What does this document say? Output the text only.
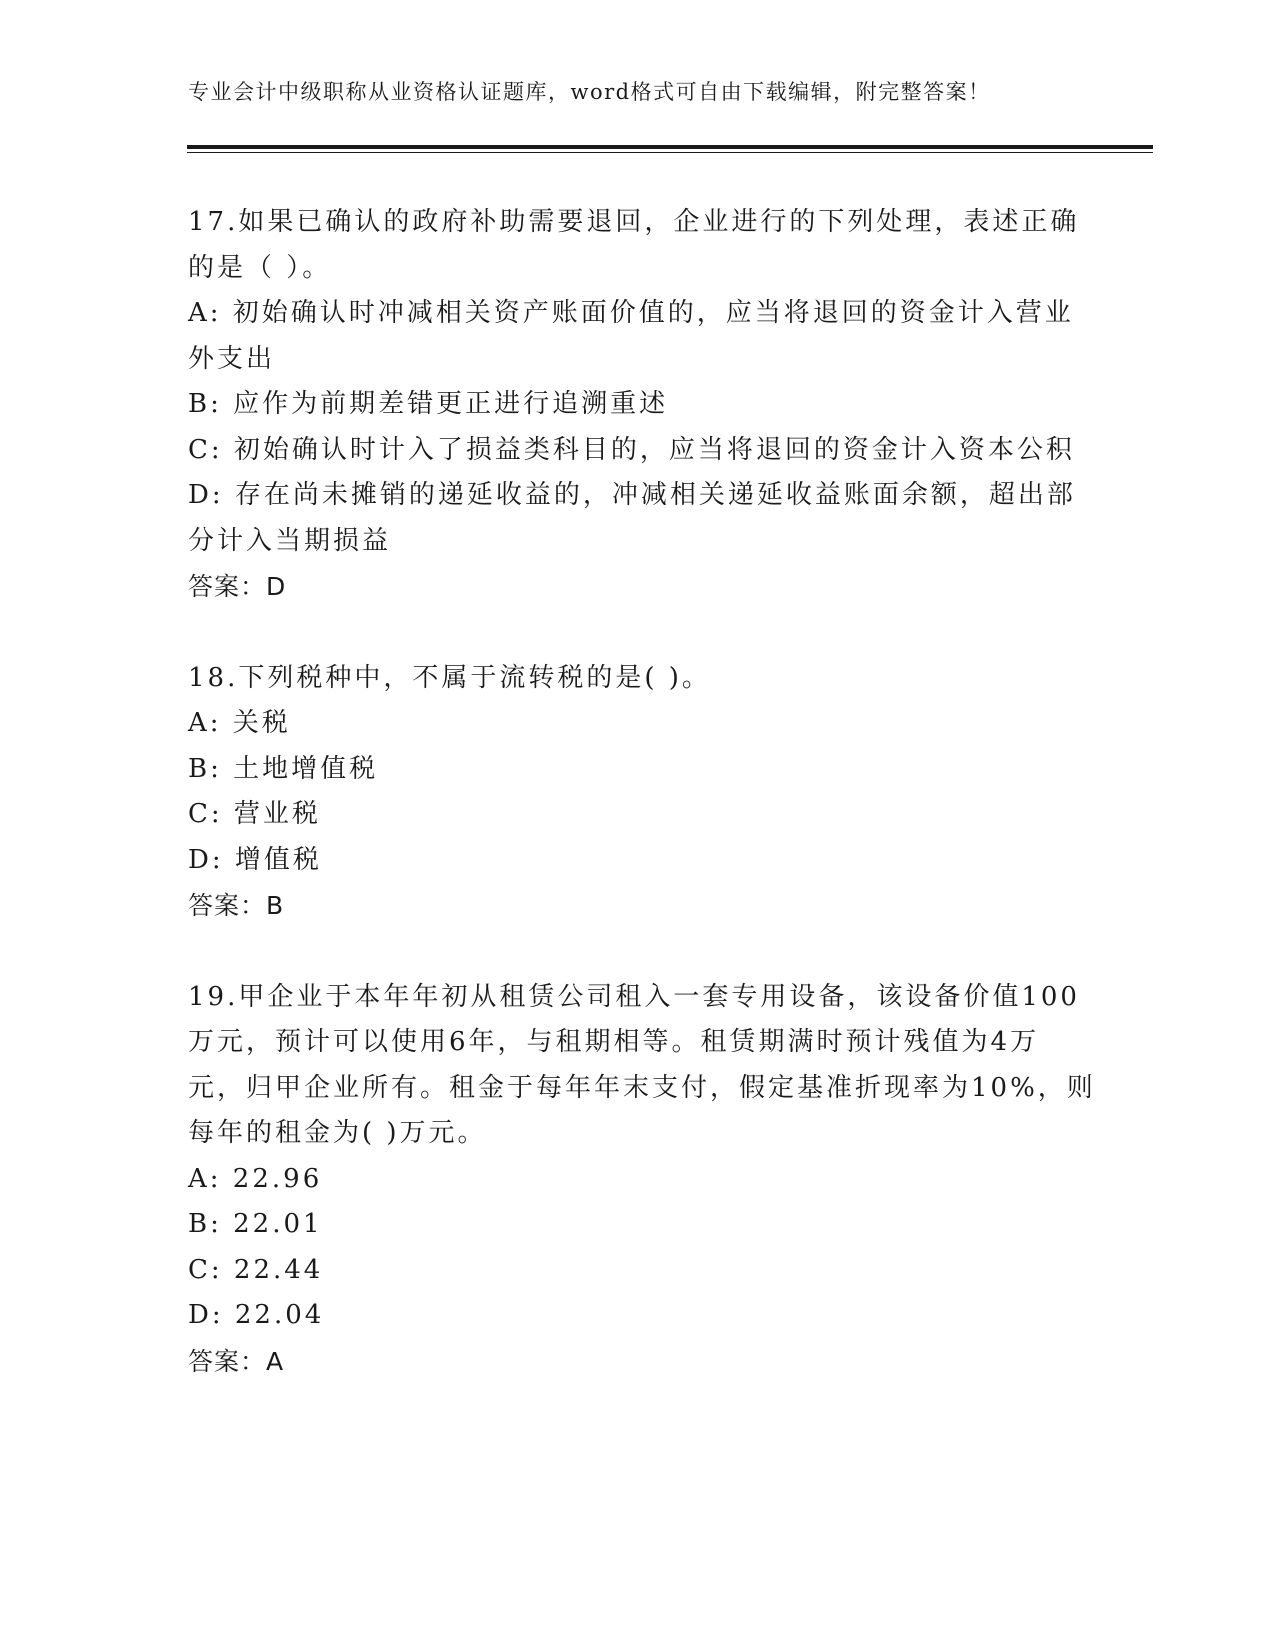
专业会计中级职称从业资格认证题库，word格式可自由下载编辑，附完整答案！
17.如果已确认的政府补助需要退回，企业进行的下列处理，表述正确
的是（ ）。
A: 初始确认时冲减相关资产账面价值的，应当将退回的资金计入营业
外支出
B: 应作为前期差错更正进行追溯重述
C: 初始确认时计入了损益类科目的，应当将退回的资金计入资本公积
D: 存在尚未摊销的递延收益的，冲减相关递延收益账面余额，超出部
分计入当期损益
答案：D
18.下列税种中，不属于流转税的是( )。
A: 关税
B: 土地增值税
C: 营业税
D: 增值税
答案：B
19.甲企业于本年年初从租赁公司租入一套专用设备，该设备价值100
万元，预计可以使用6年，与租期相等。租赁期满时预计残值为4万
元，归甲企业所有。租金于每年年末支付，假定基准折现率为10%，则
每年的租金为( )万元。
A: 22.96
B: 22.01
C: 22.44
D: 22.04
答案：A
